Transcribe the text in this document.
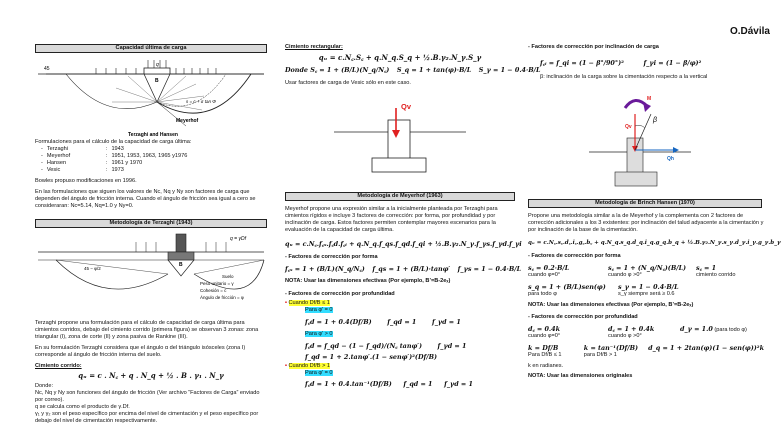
O.Dávila
Capacidad última de carga
45
q
B
s = c + σ tan Φ
Meyerhof
Terzaghi and Hansen
Formulaciones para el cálculo de la capacidad de carga última:
-	Terzaghi	:	1943
-	Meyerhof	:	1951, 1953, 1963, 1965 y1976
-	Hansen	:	1961 y 1970
-	Vesic	:	1973
Bowles propuso modificaciones en 1996.
En las formulaciones que siguen los valores de Nc, Nq y Ny son factores de carga que dependen del ángulo de fricción interna. Cuando el ángulo de fricción sea igual a cero se consideraran: Nc=5.14, Nq=1.0 y Ny=0.
Metodología de Terzaghi (1943)
q = γDf
B
45 − φ/2
Suelo
Peso unitario = γ
Cohesión = c
Ángulo de fricción = φ
Terzaghi propone una formulación para el cálculo de capacidad de carga última para cimientos corridos, debajo del cimiento corrido (primera figura) se observan 3 zonas: zona triangular (I), zona de corte (II) y zona pasiva de Rankine (III).
En su formulación Terzaghi considera que el ángulo α del triángulo isósceles (zona I) corresponde al ángulo de fricción interna del suelo.
Cimiento corrido:
qᵤ = c . N꜀ + q . N_q + ½ . B . γ₁ . N_γ
Donde:
Nc, Nq y Ny son funciones del ángulo de fricción (Ver archivo “Factores de Carga” enviado por correo).
q se calcula como el producto de γ.Df.
γ₁ y γ₂ son el peso específico por encima del nivel de cimentación y el peso específico por debajo del nivel de cimentación respectivamente.
Cimiento rectangular:
qᵤ = c.N꜀.S꜀ + q.N_q.S_q + ½.B.γ₂.N_γ.S_γ
Donde S꜀ = 1 + (B/L)(N_q/N꜀) S_q = 1 + tan(φ)·B/L S_γ = 1 − 0.4·B/L
Usar factores de carga de Vesic sólo en este caso.
Qv
Metodología de Meyerhof (1963)
Meyerhof propone una expresión similar a la inicialmente planteada por Terzaghi para cimientos rígidos e incluye 3 factores de corrección: por forma, por profundidad y por inclinación de carga. Estos factores permiten contemplar mayores escenarios para la evaluación de la capacidad de carga última.
qᵤ = c.N꜀.f꜀ₛ.f꜀d.f꜀ᵢ + q.N_q.f_qs.f_qd.f_qi + ½.B.γ₂.N_γ.f_γs.f_γd.f_γi
- Factores de corrección por forma
f꜀ₛ = 1 + (B/L)(N_q/N꜀) f_qs = 1 + (B/L)·tanφ′ f_γs = 1 − 0.4·B/L
NOTA: Usar las dimensiones efectivas (Por ejemplo, B’=B-2eₓ)
- Factores de corrección por profundidad
• Cuando Df/B ≤ 1
Para φ′ = 0
f꜀d = 1 + 0.4(Df/B) f_qd = 1 f_γd = 1
Para φ′ > 0
f꜀d = f_qd − (1 − f_qd)/(N꜀ tanφ′) f_γd = 1
f_qd = 1 + 2.tanφ′.(1 − senφ′)²(Df/B)
• Cuando Df/B > 1
Para φ′ = 0
f꜀d = 1 + 0.4.tan⁻¹(Df/B) f_qd = 1 f_γd = 1
- Factores de corrección por inclinación de carga
f꜀ᵢ = f_qi = (1 − β°/90°)²	f_γi = (1 − β/φ)²
β: inclinación de la carga sobre la cimentación respecto a la vertical
M
Qv
Qh
β
Metodología de Brinch Hansen (1970)
Propone una metodología similar a la de Meyerhof y la complementa con 2 factores de corrección adicionales a los 3 existentes: por inclinación del talud adyacente a la cimentación y por inclinación de la base de la cimentación.
qᵤ = c.N꜀.s꜀.d꜀.i꜀.g꜀.b꜀ + q.N_q.s_q.d_q.i_q.g_q.b_q + ½.B.γ₂.N_γ.s_γ.d_γ.i_γ.g_γ.b_γ
- Factores de corrección por forma
s꜀ = 0.2·B/L
cuando φ=0°
s꜀ = 1 + (N_q/N꜀)(B/L)
cuando φ >0°
s꜀ = 1
cimiento corrido
s_q = 1 + (B/L)sen(φ)
para todo φ
s_γ = 1 − 0.4·B/L
s_γ siempre será ≥ 0.6
NOTA: Usar las dimensiones efectivas (Por ejemplo, B’=B-2eₓ)
- Factores de corrección por profundidad
d꜀ = 0.4k
cuando φ=0°
d꜀ = 1 + 0.4k
cuando φ >0°
d_γ = 1.0 (para todo φ)
k = Df/B
Para Df/B ≤ 1
k = tan⁻¹(Df/B)
para Df/B > 1
d_q = 1 + 2tan(φ)(1 − sen(φ))²k
k en radianes.
NOTA: Usar las dimensiones originales
